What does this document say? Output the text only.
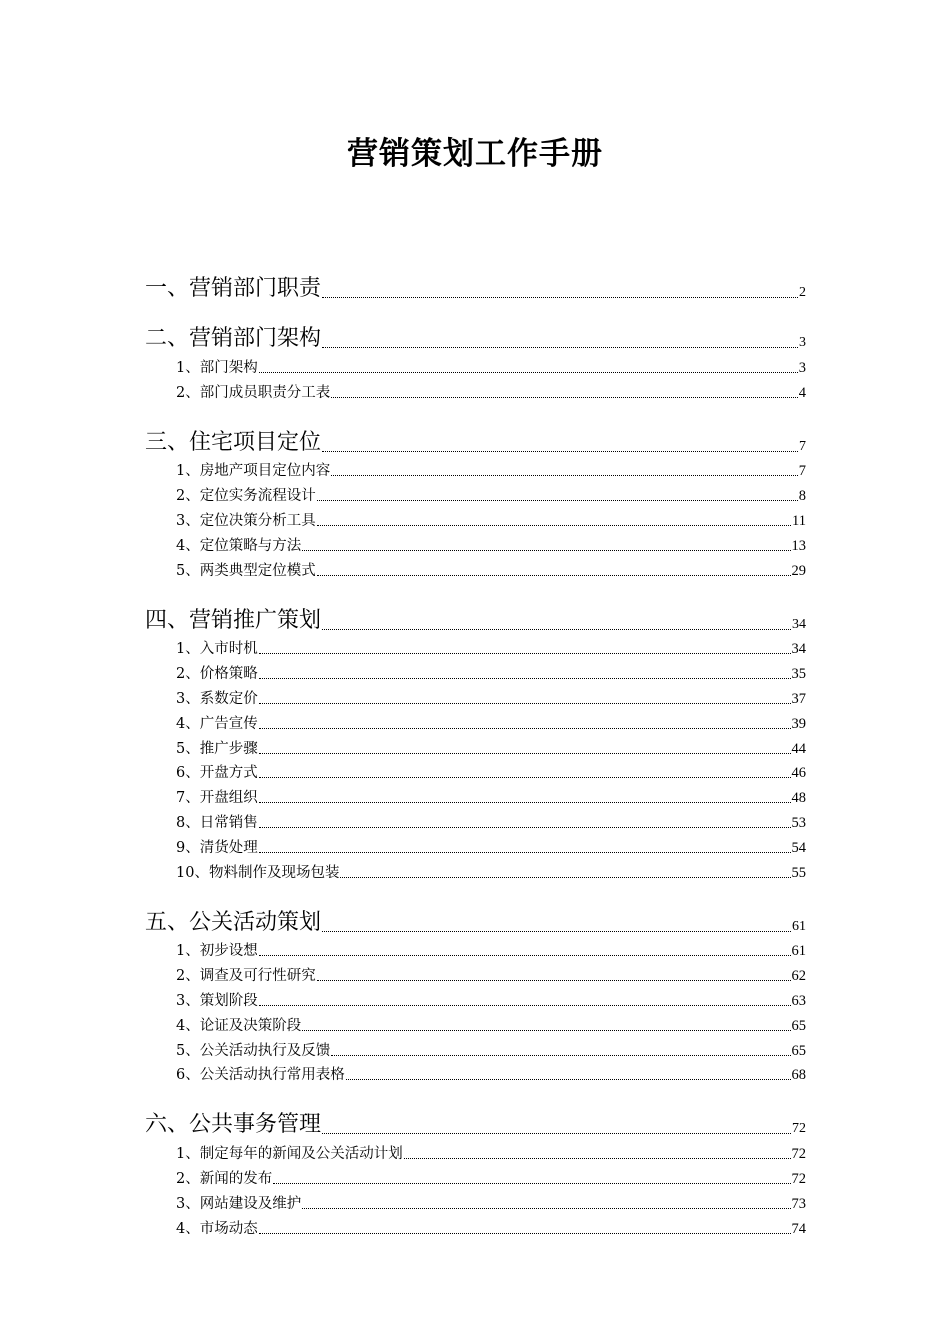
营销策划工作手册
一、营销部门职责	2
二、营销部门架构	3
1、部门架构	3
2、部门成员职责分工表	4
三、住宅项目定位	7
1、房地产项目定位内容	7
2、定位实务流程设计	8
3、定位决策分析工具	11
4、定位策略与方法	13
5、两类典型定位模式	29
四、营销推广策划	34
1、入市时机	34
2、价格策略	35
3、系数定价	37
4、广告宣传	39
5、推广步骤	44
6、开盘方式	46
7、开盘组织	48
8、日常销售	53
9、清货处理	54
10、物料制作及现场包装	55
五、公关活动策划	61
1、初步设想	61
2、调查及可行性研究	62
3、策划阶段	63
4、论证及决策阶段	65
5、公关活动执行及反馈	65
6、公关活动执行常用表格	68
六、公共事务管理	72
1、制定每年的新闻及公关活动计划	72
2、新闻的发布	72
3、网站建设及维护	73
4、市场动态	74
